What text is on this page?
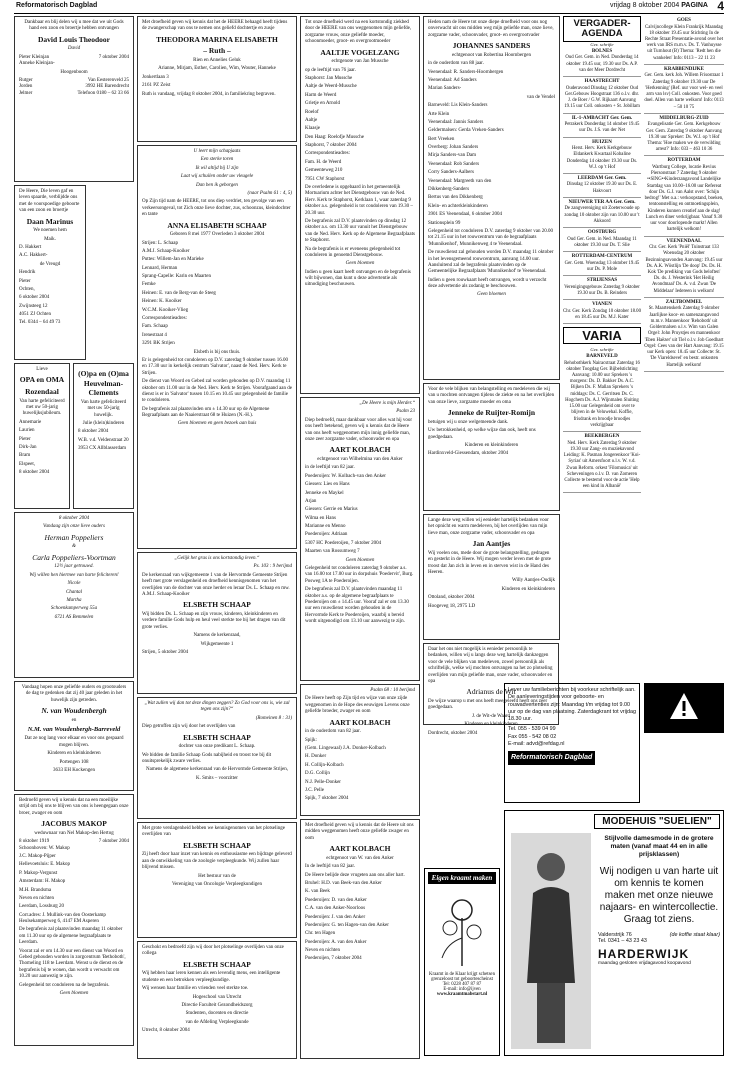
Reformatorisch Dagblad	vrijdag 8 oktober 2004 PAGINA 4

Dankbaar en blij delen wij u mee dat we uit Gods hand een zoon en broertje hebben ontvangen

David Louis Theodoor

David

Pieter Kleinjan	7 oktober 2004

Anneke Kleinjan-

Hoogenboom

Rutger	Van Eesterenveld 25
Jorden	3992 HE Barendrecht
Jelmer	Telefoon 0180 – 62 33 66

De Heere, Die leven gaf en leven spaarde, verblijdde ons met de voorspoedige geboorte van een zoon en broertje

Daan Marinus

We noemen hem

Maik.

D. Hakkert

A.C. Hakkert-

de Vreugd

Hendrik

Pieter

Ochten,

6 oktober 2004

Zwijnsteeg 12

4051 ZJ Ochten

Tel. 0344 – 64 49 73

Lieve

OPA en OMA
Rozendaal

Van harte gefeliciteerd met uw 50-jarig huwelijksjubileum.

Annemarie

Laurien

Pieter

Dirk-Jan

Bram

Elspeet,

8 oktober 2004

(O)pa en (O)ma Heuvelman-Clements

Van harte gefeliciteerd met uw 50-jarig huwelijk.

Julie (klein)kinderen

8 oktober 2004

W.B. v.d. Veldenstraat 20

3953 CX Allblasserdam

8 oktober 2004

Vandaag zijn onze lieve ouders

Herman Poppeliers

&

Carla Poppeliers-Voortman

12½ jaar getrouwd.

Wij willen hen hiermee van harte feliciteren!

Nicole

Chantal

Martha

Schoenkamperweg 55a

6721 AS Bemmelen

Vandaag hopen onze geliefde ouders en grootouders de dag te gedenken dat zij 40 jaar geleden in het huwelijk zijn getreden.

N. van Woudenbergh

en

N.M. van Woudenbergh-Barreveld

Dat ze nog lang voor elkaar en voor ons gespaard mogen blijven.

Kinderen en kleinkinderen

Portengen 108

3633 EH Kockengen

Bedroefd geven wij u kennis dat na een moeilijke strijd om bij ons te blijven van ons is heengegaan onze broer, zwager en oom

JACOBUS MAKOP

weduwnaar van Nel Makop-den Hertog

8 oktober 1919	7 oktober 2004

Schoonhoven: W. Makop

J.C. Makop-Pijper

Hellevoetsluis: E. Makop

P. Makop-Vergunst

Amsterdam: H. Makop

M.H. Brandsma

Neven en nichten

Leerdam, Lossburg 20

Corr.adres: J. Mullink-van den Oosterkamp Heulsekamperweg 6, 4147 EM Asperen

De begrafenis zal plaatsvinden maandag 11 oktober om 11.30 uur op de algemene begraafplaats te Leerdam.

Voorat zal er om 14.30 uur een dienst van Woord en Gebed gehouden worden in zorgcentrum 'Bethoboth', Thomeling 118 te Leerdam. Wenst u de dienst en de begrafenis bij te wonen, dan wordt u verwacht om 10.20 uur aanwezig te zijn.

Gelegenheid tot condoleren na de begrafenis.

Geen bloemen

Met droefheid geven wij kennis dat het de HEERE behaagd heeft tijdens de zwangerschap van ons te nemen ons geliefd dochtertje en zusje

THEODORA MARINA ELISABETH
– Ruth –

Rien en Annelies Geluk

Arianne, Mirjam, Esther, Carolien, Wim, Wouter, Hanneke

Jonkertlaan 3

2161 PZ Zeist

Ruth is vandaag, vrijdag 8 oktober 2004, in familiekring begraven.

U leert mijn schapjaats

Een sterke toren

Ik wil altijd bij U zijn

Laat wij schuilen onder uw vleugele

Dan ben ik geborgen

(naar Psalm 61 : 4, 5)

Op Zijn tijd nam de HEERE, tot ons diep verdriet, ten gevolge van een verkeersongeval, tot Zich onze lieve dochter, zus, schoonzus, kleindochter en tante

ANNA ELISABETH SCHAAP

Geboren 8 mei 1977 Overleden 3 oktober 2004

Strijen: L. Schaap

A.M.J. Schaap-Kooiker

Puttes: Willem-Jan en Marieke

Lennard, Herman

Sprang-Capelle: Karin en Maarten

Femke

Heinen: E. van de Berg-van de Steeg

Heinen: K. Kooiker

W.C.M. Kooiker-Vlieg

Correspondentieadres:

Fam. Schaap

Irenestraat 4

3291 BK Strijen

Elsbeth is bij ons thuis.

Er is gelegenheid tot condoleren op D.V. zaterdag 9 oktober tussen 16.00 en 17.30 uur in kerkelijk centrum 'Salvator', naast de Ned. Herv. Kerk te Strijen.

De dienst van Woord en Gebed zal worden gehouden op D.V. maandag 11 oktober om 11.00 uur in de Ned. Herv. Kerk te Strijen. Voorafgaand aan de dienst is er in 'Salvator' tussen 10.15 en 10.45 uur gelegenheid de familie te condoleren.

De begrafenis zal plaatsvinden om ± 14.30 uur op de Algemene Begraafplaats aan de Naaierstraat 68 te Huizen (N.-H.).

Geen bloemen en geen bezoek aan huis

„Gelijk het gras is ons kortstondig leven.“

Ps. 103 : 9 berijmd

De kerkenraad van wijkgemeente 1 van de Hervormde Gemeente Strijen heeft met grote verslagenheid en droefheid kennisgenomen van het overlijden van de dochter van onze herder en leraar Ds. L. Schaap en mw. A.M.J. Schaap-Kooiker

ELSBETH SCHAAP

Wij bidden Ds. L. Schaap en zijn vrouw, kinderen, kleinkinderen en verdere familie Gods hulp en heul veel sterkte toe bij het dragen van dit grote verlies.

Namens de kerkenraad,

Wijkgemeente 1

Strijen, 5 oktober 2004

„Wat zullen wij dan tot deze dingen zeggen? Zo God voor ons is, wie zal tegen ons zijn?“

(Romeinen 8 : 31)

Diep getroffen zijn wij door het overlijden van

ELSBETH SCHAAP

dochter van onze predikant L. Schaap.

We bidden de familie Schaap Gods nabijheid en troost toe bij dit onuitsprekelijk zware verlies.

Namens de algemene kerkenraad van de Hervormde Gemeente Strijen,

K. Smits – voorzitter

Met grote verslagenheid hebben we kennisgenomen van het plotselinge overlijden van

ELSBETH SCHAAP

Zij heeft door haar inzet van kennis en enthousiasme een bijdrage geleverd aan de ontwikkeling van de zoologie verpleegkunde. Wij zullen haar blijvend missen.

Het bestuur van de

Vereniging van Oncologie Verpleegkundigen

Geschokt en bedroefd zijn wij door het plotselinge overlijden van onze collega

ELSBETH SCHAAP

Wij hebben haar leren kennen als een levendig mens, een intelligente studente en een betrokken verpleegkundige.

Wij wensen haar familie en vrienden veel sterkte toe.

Hogeschool van Utrecht

Directie Faculteit Gezondheidszorg

Studenten, docenten en directie

van de Afdeling Verpleegkunde

Utrecht, 8 oktober 2004

Tot onze droefheid werd na een kortstondig ziekbed door de HEERE van ons weggenomen mijn geliefde, zorgzame vrouw, onze geliefde moeder, schoonmoeder, groot- en overgrootmoeder

AALTJE VOGELZANG

echtgenote van Jan Mussche

op de leeftijd van 76 jaar.

Staphorst: Jan Mussche

Aaltje de Weerd-Mussche

Harm de Weerd

Grietje en Arnold

Roelof

Aaltje

Klaasje

Den Haag: Roelofje Mussche

Staphorst, 7 oktober 2004

Correspondentieadres:

Fam. H. de Weerd

Gemeenteweg 210

7951 CW Staphorst

De overledene is opgebaard in het gemeentelijk Mortuarium achter het Dienstgebouw van de Ned. Herv. Kerk te Staphorst, Kerklaan 1, waar zaterdag 9 oktober a.s. gelegenheid is tot condoleren van 19.30 – 20.30 uur.

De begrafenis zal D.V. plaatsvinden op dinsdag 12 oktober a.s. om 13.30 uur vanuit het Dienstgebouw van de Ned. Herv. Kerk op de Algemene Begraafplaats te Staphorst.

Na de begrafenis is er eveneens gelegenheid tot condoleren in genoemd Dienstgebouw.

Geen bloemen

Indien u geen kaart heeft ontvangen en de begrafenis wilt bijwonen, dan kunt u deze advertentie als uitnodiging beschouwen.

„De Heere is mijn Herder.“

Psalm 23

Diep bedroefd, maar dankbaar voor alles wat hij voor ons heeft betekend, geven wij u kennis dat de Heere van ons heeft weggenomen mijn innig geliefde man, onze zeer zorgzame vader, schoonvader en opa

AART KOLBACH

echtgenoot van Wilhelmina van den Anker

in de leeftijd van 82 jaar.

Poederoijen: W. Kolbach-van den Anker

Giessen: Lies en Hans

Jenneke en Maykel

Arjan

Giessen: Gerrie en Marius

Wilma en Hans

Marianne en Menno

Poederoijen: Adriaan

5307 HC Poederoijen, 7 oktober 2004

Maarten van Rossumweg 7

Geen bloemen

Gelegenheid tot condoleren zaterdag 9 oktober a.s. van 16.00 tot 17.00 uur in dorpshuis 'Poedervit', Burg. Posweg 1A te Poederoijen.

De begrafenis zal D.V. plaatsvinden maandag 11 oktober a.s. op de algemene begraafplaats te Poederoijen om ± 14.45 uur. Vooraf zal er om 13.30 uur een rouwdienst worden gehouden in de Hervormde Kerk te Poederoijen, waarbij u bereid wordt uitgenodigd om 13.10 uur aanwezig te zijn.

Psalm 68 : 10 berijmd

De Heere heeft op Zijn tijd en wijze van onze zijde weggenomen in de Hope des eeuwigen Levens onze geliefde broeder, zwager en oom

AART KOLBACH

in de ouderdom van 82 jaar.

Spijk:

(Gem. Lingewaal) J.A. Donker-Kolbach

H. Donker

H. Collijn-Kolbach

D.G. Collijn

N.J. Pelle-Donker

J.C. Pelle

Spijk, 7 oktober 2004

Met droefheid geven wij u kennis dat de Heere uit ons midden weggenomen heeft onze geliefde zwager en oom

AART KOLBACH

echtgenoot van W. van den Anker

In de leeftijd van 82 jaar.

De Heere belijde deze vrugeten aan ons aller hart.

Bruhel: H.D. van Beek-van den Anker

K. van Beek

Poederoijen: D. van den Anker

C.A. van den Anker-Noorloos

Poederoijen: J. van den Anker

Poederoijen: G. ten Hagen-van den Anker

Chr. ten Hagen

Poederoijen: A. van den Anker

Neven en nichten

Poederoijen, 7 oktober 2004

Heden nam de Heere tot onze diepe droefheid voor ons nog onverwacht uit ons midden weg mijn geliefde man, onze lieve, zorgzame vader, schoonvader, groot- en overgrootvader

JOHANNES SANDERS

echtgenoot van Robertina Hoornbergen

in de ouderdom van 88 jaar.

Veenendaal: R. Sanders-Hoornbergen

Veenendaal: Ad Sanders

Marian Sanders-

van de Vendel

Barneveld: Lis Klein-Sanders

Arte Klein

Veenendaal: Jannis Sanders

Geldermalsen: Gerda Vreken-Sanders

Bert Vreeken

Overberg: Johan Sanders

Mirja Sanders-van Dam

Veenendaal: Rob Sanders

Corry Sanders-Aalbers

Veenendaal: Margreeth van den

Dikkenberg-Sanders

Bertus van den Dikkenberg

Klein- en achterkleinkinderen

3901 ES Veenendaal, 6 oktober 2004

Stationsplein 99

Gelegenheid tot condoleren D.V. zaterdag 9 oktober van 20.00 tot 21.15 uur in het rouwcentrum van de begraafplaats 'Munnikenhof', Munnikenweg 4 te Veenendaal.

De rouwdienst zal gehouden worden D.V. maandag 11 oktober in het levensgemeend rouwcentrum, aanvang 14.00 uur. Aansluitend zal de begrafenis plaatsvinden op de Gemeentelijke Begraafplaats 'Munnikenhof' te Veenendaal.

Indien u geen rouwkaart heeft ontvangen, wordt u verzocht deze advertentie als zodanig te beschouwen.

Geen bloemen

Voor de vele blijken van belangstelling en medeleven die wij van u mochten ontvangen tijdens de ziekte en na het overlijden van onze lieve, zorgzame moeder en oma

Jenneke de Ruijter-Romijn

betuigen wij u onze welgemeende dank.

Uw betrokkenheid, op welke wijze dan ook, heeft ons goedgedaan.

Kinderen en kleinkinderen

Hardinxveld-Giessendam, oktober 2004

Lange deze weg willen wij eenieder hartelijk bedanken voor het opnicht en warm medeleven, bij het overlijden van mijn lieve man, onze zorgzame vader, schoonvader en opa

Jan Aantjes

Wij voelen ons, mede door de grote belangstelling, gedragen en gesterkt in de Heere. Wij mogen verder leven met de grote troost dat Jan zich in leven en in sterven wist in de Hand des Heeren.

Willy Aantjes-Oudijk

Kinderen en kleinkinderen

Ottoland, oktober 2004

Hoogeveg 18, 2975 LD

Daar het ons niet mogelijk is eenieder persoonlijk te bedanken, willen wij u langs deze weg hartelijk dankzeggen voor de vele blijken van medeleven, zowel persoonlijk als schriftelijk, welke wij mochten ontvangen na het zo plotseling overlijden van mijn geliefde man, onze vader, schoonvader en opa

Adrianus de Wit

De wijze waarop u met ons heeft meegeleefd heeft ons zeer goedgedaan.

J. de Wit-de Waard

Kinderen en kleinkinderen

Dordrecht, oktober 2004

VERGADER-
AGENDA

Gez. schrifte

BOLNES
Oud Ger. Gem. in Ned. Donderdag 14 oktober 19.45 uur, 19.30 uur Ds. A.P. van der Meer Dordrecht
HAASTRECHT
Ouderavond Dinsdag 12 oktober Oud Ger.Gebouw Hoogstraat 136 o.l.v. dhr. J. de Boer / G.W. Rijkaart Aanvang 19.15 uur Coll. onkosten + St. Jobillam
IL-1-AMBACHT Ger. Gem.
Petrakerk Donderdag 14 oktober 19.45 uur Ds. J.S. van der Net
HUIZEN
Herst. Herv. Kerk Kerkgebouw Eldankerk Kwartaal Kobaline Donderdag 14 oktober 19.30 uur Ds. W.J. op 't Hof
LEERDAM Ger. Gem.
Dinsdag 12 oktober 19.30 uur Ds. E. Hakvoort
NIEUWER TER AA Ger. Gem.
De zangvereniging uit Zoeterwoude op zondag 10 oktober zijn van 10.00 uur 't Akkoord
OOSTBURG
Oud Ger. Gem. in Ned. Maandag 11 oktober 19.30 uur Ds. T. Slie
ROTTERDAM-CENTRUM
Ger. Gem. Woensdag 13 oktober 19.45 uur Ds. P. Mole
STRIJENSAS
Verenigingsgebouw Zaterdag 9 oktober 19.30 uur Ds. B. Reinders
VIANEN
Chr. Ger. Kerk Zondag 10 oktober 18.00 en 18.45 uur Ds. M.J. Kater
VARIA

Gez. schrifte

BARNEVELD
Rehobothkerk Nairacstraat Zaterdag 16 oktober Toogdag Ger. Bijbelstichting Aanvang: 10.00 uur Sprekers 's morgens: Ds. D. Bakker Ds. A.C. Bijken Ds. F. Mallan Sprekers 's middags: Ds. C. Gerritsen Ds. C. Hogchem Ds. A.J. Wijnmalen Sluiting 15.00 uur Gelegenheid om over te blijven in de Veluwehal. Koffie, frisdrank en broodje broodjes verkrijgbaar
BEEKBERGEN
Ned. Herv. Kerk Zaterdag 9 oktober 19.30 uur Zang- en muziekavond Leiding: K. Pasman Jongerenkoor 'Koi-Syrias' uit Amersfoort o.l.v. W. v.d. Zwan Reform. orkest 'Filomusica' uit Scheveningen o.l.v. D. van Zomeren Collecte te bestemd voor de actie 'Help een kind in Albanië'
GOES
Calvijncollege Klein Frankrijk Maandag 18 oktober 19.45 uur Stichting In de Rechte Straat Presentatie-avond over het werk van IRS m.m.v. Ds. T. Vanhuysse uit Turnhout (B) Thema: 'Redt hen die wankelen' Info: 0113 – 22 11 23
KRABBENDIJKE
Ger. Gem. kerk Joh. Willem Frisostraat 1 Zaterdag 9 oktober 19.30 uur De 'Herkenning' (Ref. uur voor wel- en veel arm van lsv) Coll. onkosten. Voor goed doel. Allen van harte welkom! Info: 0113 – 50 10 75
MIDDELBURG-ZUID
Evangelisatie Ger. Gem. Kerkgebouw Ger. Gem. Zaterdag 9 oktober Aanvang 19.30 uur Spreker: Ds. W.J. op 't Hof Thema: 'Hoe maken we de verwilding arrest?' Info: 033 – 463 10 36
ROTTERDAM
Wartburg College, locatie Revius Piersonstraat 7 Zaterdag 9 oktober ••SING••Kinderzangavond Landelijke Startdag van 10.00–16.00 uur Refereat door Ds. G.J. van Aalst over: 'Schijn bedrog!' Met o.a.: verkoopstand, boeken, tentoonstelling en ontmoetingsplein, Kinderen kunnen creatief aan de slag! Lunch en diner verkrijgbaar. Vanaf 9.30 uur voor doorlopende markt! Allen hartelijk welkom!
VEENENDAAL
Chr. Ger. Kerk 'Pniël' Tuinstraat 133 Woensdag 20 oktober Bezinningsavonden Aanvang: 19.45 uur Ds. A.K. Wöstlijn 'De doop' Ds. Ds. H. Kok 'De prediking van Gods beloften' Ds. ds. J. Westerink 'Het Heilig Avondmaal' Ds. A. v.d. Zwan 'De Middelaar' Iedereen is welkom!
ZALTBOMMEL
St. Maartenskerk Zaterdag 9 oktober Jaarlijkse koor- en samenzangavond m.m.v. Mannenkoor 'Rehoboth' uit Goldermalsen o.l.v. Wim van Galen Orgel: John Pruystjes en mannenkoor 'Eben Haëzer' uit Tiel o.l.v. Job Goedhart Orgel: Cees van der Hart Aanvang: 19.15 uur Kerk open: 18.45 uur Collecte: St. 'De Viareldsevel' en bestr. onkosten Hartelijk welkom!

Lever uw familieberichten bij voorkeur schriftelijk aan. De aanleveringstijden voor geboorte- en rouwadvertenties zijn: Maandag t/m vrijdag tot 9.00 uur op de dag van plaatsing. Zaterdagkrant tot vrijdag 18.30 uur.

Tel. 055 - 539 04 99

Fax 055 - 542 08 02

E-mail: advd@refdag.nl

Reformatorisch Dagblad
Eigen kraamt maken

Kraamt in de Klaar krijgt schetsen grenzeloost tot geboortescheinst

Tel: 0228 407 87 87

E-mail: info@ijven

www.kraamtmabstart.nl

MODEHUIS "SUELIEN"
Stijlvolle damesmode in de grotere maten (vanaf maat 44 en in alle prijsklassen)
Wij nodigen u van harte uit om kennis te komen maken met onze nieuwe najaars- en wintercollectie. Graag tot ziens.
Valderstrijk 76	(de koffie staat klaar)
Tel. 0341 – 43 23 43
HARDERWIJK
maandag gesloten vrijdagavond koopavond
